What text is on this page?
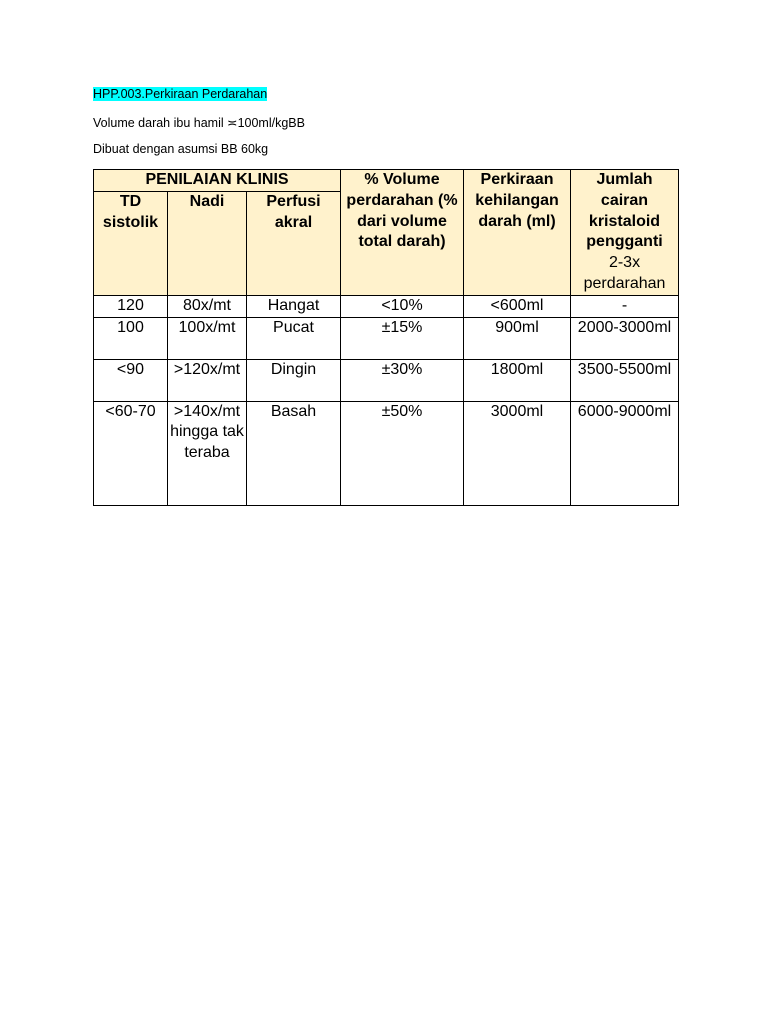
HPP.003.Perkiraan Perdarahan
Volume darah ibu hamil ≍100ml/kgBB
Dibuat dengan asumsi BB 60kg
PENILAIAN KLINIS			% Volume perdarahan (% dari volume total darah)	Perkiraan kehilangan darah (ml)	Jumlah cairan kristaloid pengganti
2-3x perdarahan

TD sistolik	Nadi	Perfusi akral			
120	80x/mt	Hangat	<10%	<600ml	-
100	100x/mt	Pucat	±15%	900ml	2000-3000ml
<90	>120x/mt	Dingin	±30%	1800ml	3500-5500ml
<60-70	>140x/mt hingga tak teraba	Basah	±50%	3000ml	6000-9000ml
